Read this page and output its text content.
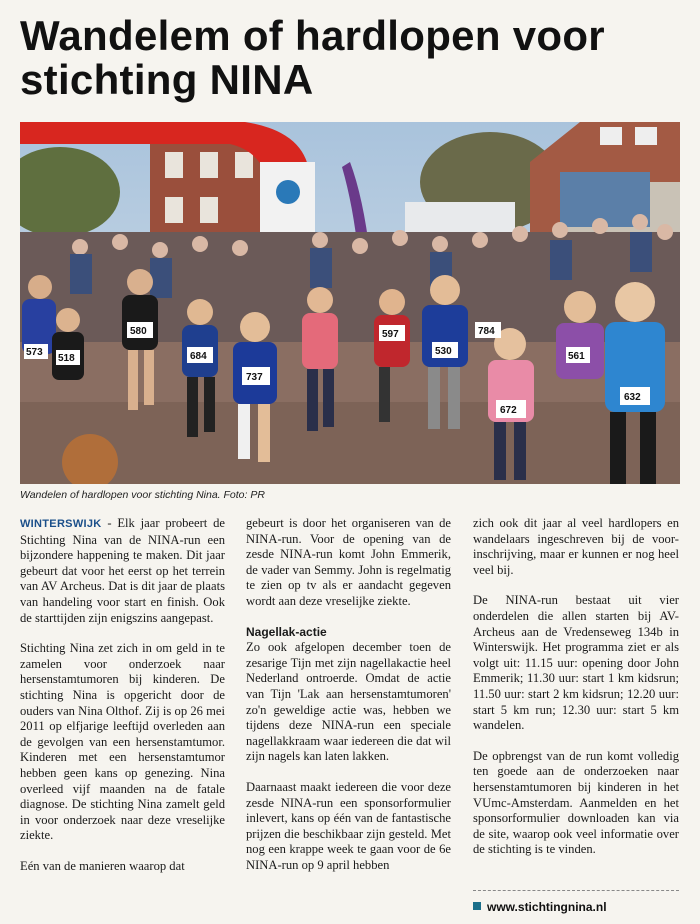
Wandelem of hardlopen voor stichting NINA
580
684
737
597
530
784
672
518
573
632
561
Wandelen of hardlopen voor stichting Nina. Foto: PR

WINTERSWIJK - Elk jaar probeert de Stichting Nina van de NINA-run een bijzondere happening te maken. Dit jaar gebeurt dat voor het eerst op het terrein van AV Archeus. Dat is dit jaar de plaats van handeling voor start en finish. Ook de starttijden zijn enigszins aangepast.

Stichting Nina zet zich in om geld in te zamelen voor onderzoek naar hersenstamtumoren bij kinderen. De stichting Nina is opgericht door de ouders van Nina Olthof. Zij is op 26 mei 2011 op elfjarige leeftijd overleden aan de gevolgen van een hersenstamtumor. Kinderen met een hersenstamtumor hebben geen kans op genezing. Nina overleed vijf maanden na de fatale diagnose. De stichting Nina zamelt geld in voor onderzoek naar deze vreselijke ziekte.

Eén van de manieren waarop dat

gebeurt is door het organiseren van de NINA-run. Voor de opening van de zesde NINA-run komt John Emmerik, de vader van Semmy. John is regelmatig te zien op tv als er aandacht gegeven wordt aan deze vreselijke ziekte.

Nagellak-actie

Zo ook afgelopen december toen de zesarige Tijn met zijn nagellakactie heel Nederland ontroerde. Omdat de actie van Tijn 'Lak aan hersenstamtumoren' zo'n geweldige actie was, hebben we tijdens deze NINA-run een speciale nagellakkraam waar iedereen die dat wil zijn nagels kan laten lakken.

Daarnaast maakt iedereen die voor deze zesde NINA-run een sponsorformulier inlevert, kans op één van de fantastische prijzen die beschikbaar zijn gesteld. Met nog een krappe week te gaan voor de 6e NINA-run op 9 april hebben

zich ook dit jaar al veel hardlopers en wandelaars ingeschreven bij de voor-inschrijving, maar er kunnen er nog heel veel bij.

De NINA-run bestaat uit vier onderdelen die allen starten bij AV-Archeus aan de Vredenseweg 134b in Winterswijk. Het programma ziet er als volgt uit: 11.15 uur: opening door John Emmerik; 11.30 uur: start 1 km kidsrun; 11.50 uur: start 2 km kidsrun; 12.20 uur: start 5 km run; 12.30 uur: start 5 km wandelen.

De opbrengst van de run komt volledig ten goede aan de onderzoeken naar hersenstamtumoren bij kinderen in het VUmc-Amsterdam. Aanmelden en het sponsorformulier downloaden kan via de site, waarop ook veel informatie over de stichting is te vinden.

www.stichtingnina.nl
